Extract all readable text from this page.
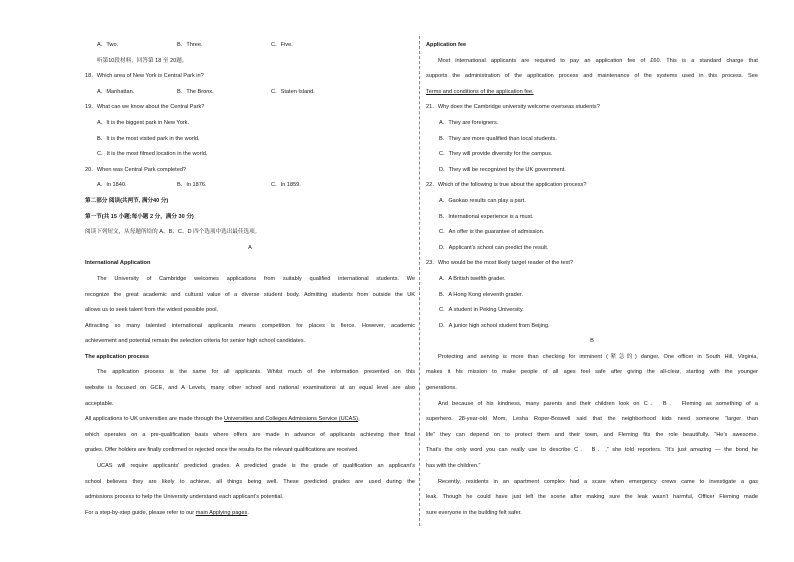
A．Two.	B．Three.	C．Five.
听第10段材料，回答第 18 至 20题。
18．Which area of New York is Central Park in?
A．Manhattan.	B．The Bronx.	C．Staten Island.
19．What can we know about the Central Park?
A．It is the biggest park in New York.
B．It is the most visited park in the world.
C．It is the most filmed location in the world.
20．When was Central Park completed?
A．In 1840.	B．In 1876.	C．In 1859.
第二部分 阅读(共两节, 满分40 分)
第一节(共 15 小题;每小题 2 分，满分 30 分)
阅读下列短文，从每题所给的 A、B、C、D 四个选项中选出最佳选项。
A
International Application

The University of Cambridge welcomes applications from suitably qualified international students. We

recognize the great academic and cultural value of a diverse student body. Admitting students from outside the UK

allows us to seek talent from the widest possible pool.

Attracting so many talented international applicants means competition for places is fierce. However, academic

achievement and potential remain the selection criteria for senior high school candidates.

The application process

The application process is the same for all applicants. Whilst much of the information presented on this

website is focused on GCE, and A Levels, many other school and national examinations at an equal level are also

acceptable.

All applications to UK universities are made through the Universities and Colleges Admissions Service (UCAS)，

which operates on a pre-qualification basis where offers are made in advance of applicants achieving their final

grades. Offer holders are finally confirmed or rejected once the results for the relevant qualifications are received.

UCAS will require applicants’ predicted grades. A predicted grade is the grade of qualification an applicant’s

school believes they are likely to achieve, all things being well. These predicted grades are used during the

admissions process to help the University understand each applicant’s potential.

For a step-by-step guide, please refer to our main Applying pages.

Application fee

Most international applicants are required to pay an application fee of £60. This is a standard charge that

supports the administration of the application process and maintenance of the systems used in this process. See

Terms and conditions of the application fee.

21．Why does the Cambridge university welcome overseas students?
A．They are foreigners.
B．They are more qualified than local students.
C．They will provide diversity for the campus.
D．They will be recognized by the UK government.
22．Which of the following is true about the application process?
A．Gaokao results can play a part.
B．International experience is a must.
C．An offer is the guarantee of admission.
D．Applicant’s school can predict the result.
23．Who would be the most likely target reader of the text?
A．A British twelfth grader.
B．A Hong Kong eleventh grader.
C．A student in Peking University.
D．A junior high school student from Beijing.
B

Protecting and serving is more than checking for imminent (紧急的) danger. One officer in South Hill, Virginia,

makes it his mission to make people of all ages feel safe after giving the all-clear, starting with the younger

generations.

And because of his kindness, many parents and their children look on C． B． Fleming as something of a

superhero. 28-year-old Mom, Lesha Roper-Boswell said that the neighborhood kids need someone “larger than

life” they can depend on to protect them and their town, and Fleming fits the role beautifully. “He’s awesome.

That’s the only word you can really use to describe C． B．,” she told reporters. “It’s just amazing — the bond he

has with the children.”

Recently, residents in an apartment complex had a scare when emergency crews came to investigate a gas

leak. Though he could have just left the scene after making sure the leak wasn’t harmful, Officer Fleming made

sure everyone in the building felt safer.
